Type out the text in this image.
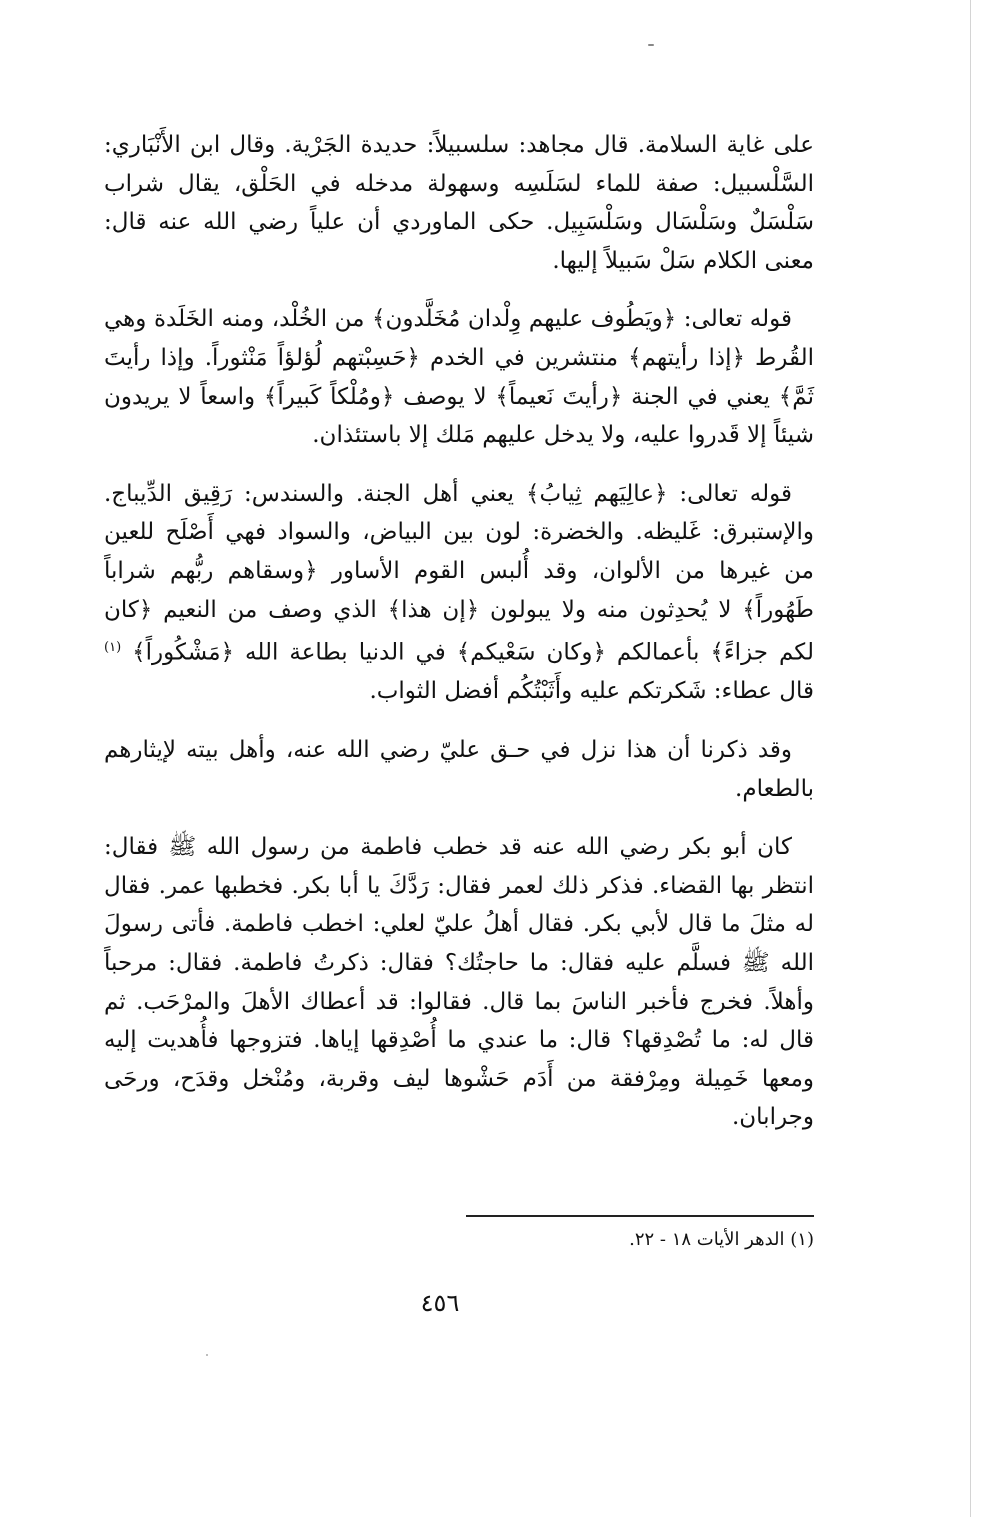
على غاية السلامة. قال مجاهد: سلسبيلاً: حديدة الجَرْية. وقال ابن الأَنْبَاري: السَّلْسبيل: صفة للماء لسَلَسِه وسهولة مدخله في الحَلْق، يقال شراب سَلْسَلٌ وسَلْسَال وسَلْسَبِيل. حكى الماوردي أن علياً رضي الله عنه قال: معنى الكلام سَلْ سَبيلاً إليها.

قوله تعالى: ﴿ويَطُوف عليهم وِلْدان مُخَلَّدون﴾ من الخُلْد، ومنه الخَلَدة وهي القُرط ﴿إذا رأيتهم﴾ منتشرين في الخدم ﴿حَسِبْتهم لُؤلؤاً مَنْثوراً. وإذا رأيتَ ثَمَّ﴾ يعني في الجنة ﴿رأيتَ نَعيماً﴾ لا يوصف ﴿ومُلْكاً كَبيراً﴾ واسعاً لا يريدون شيئاً إلا قَدروا عليه، ولا يدخل عليهم مَلك إلا باستئذان.

قوله تعالى: ﴿عالِيَهم ثِيابُ﴾ يعني أهل الجنة. والسندس: رَقِيق الدِّيباج. والإستبرق: غَليظه. والخضرة: لون بين البياض، والسواد فهي أَصْلَح للعين من غيرها من الألوان، وقد أُلبس القوم الأساور ﴿وسقاهم ربُّهم شراباً طَهُوراً﴾ لا يُحدِثون منه ولا يبولون ﴿إن هذا﴾ الذي وصف من النعيم ﴿كان لكم جزاءً﴾ بأعمالكم ﴿وكان سَعْيكم﴾ في الدنيا بطاعة الله ﴿مَشْكُوراً﴾ $^{(١)}$ قال عطاء: شَكرتكم عليه وأَثَبْتُكُم أفضل الثواب.

وقد ذكرنا أن هذا نزل في حـق عليّ رضي الله عنه، وأهل بيته لإيثارهم بالطعام.

كان أبو بكر رضي الله عنه قد خطب فاطمة من رسول الله ﷺ فقال: انتظر بها القضاء. فذكر ذلك لعمر فقال: رَدَّكَ يا أبا بكر. فخطبها عمر. فقال له مثلَ ما قال لأبي بكر. فقال أهلُ عليّ لعلي: اخطب فاطمة. فأتى رسولَ الله ﷺ فسلَّم عليه فقال: ما حاجتُك؟ فقال: ذكرتُ فاطمة. فقال: مرحباً وأهلاً. فخرج فأخبر الناسَ بما قال. فقالوا: قد أعطاك الأهلَ والمرْحَب. ثم قال له: ما تُصْدِقها؟ قال: ما عندي ما أُصْدِقها إياها. فتزوجها فأُهديت إليه ومعها خَمِيلة ومِرْفقة من أَدَم حَشْوها ليف وقربة، ومُنْخل وقدَح، ورحَى وجرابان.

(١) الدهر الأيات ١٨ - ٢٢.
٤٥٦
